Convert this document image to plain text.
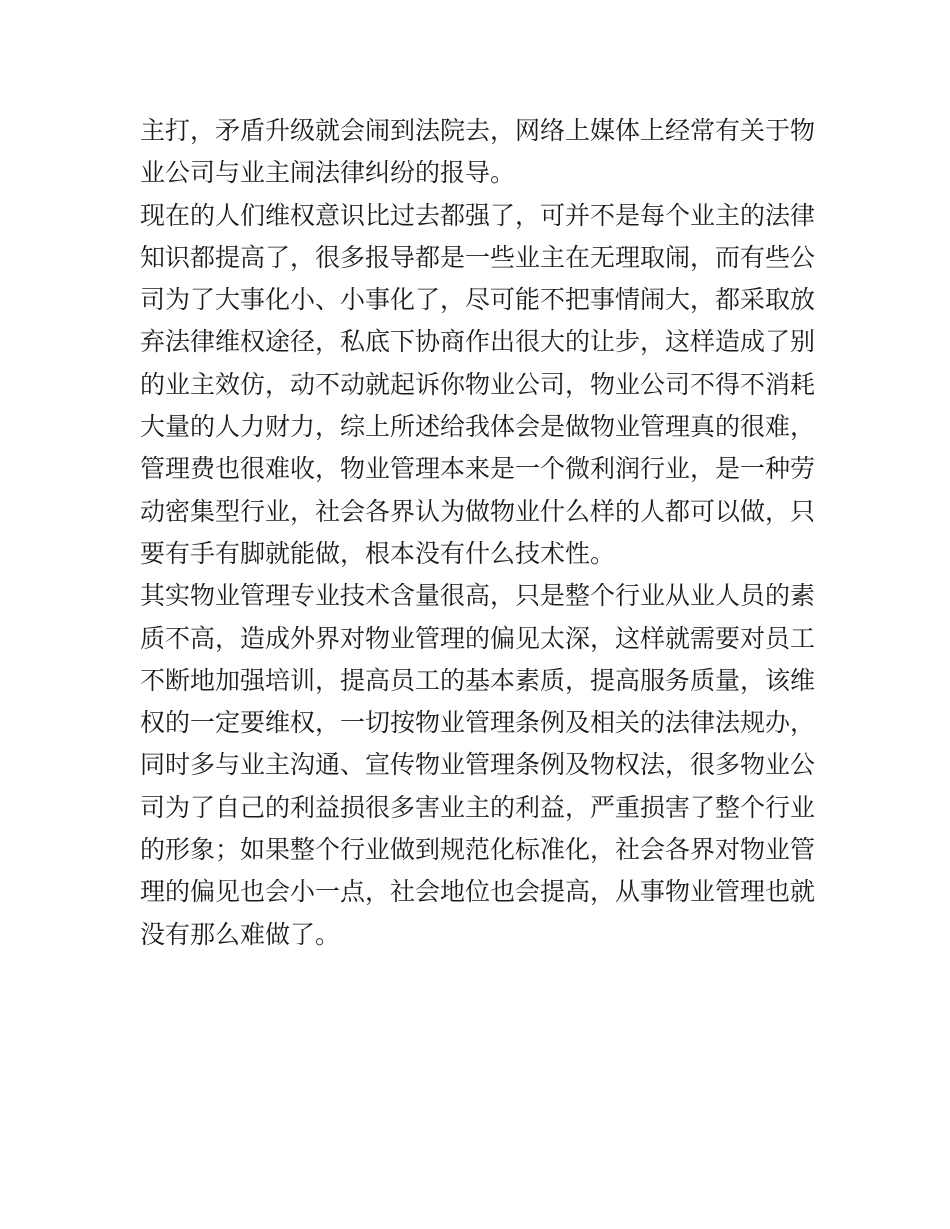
主打，矛盾升级就会闹到法院去，网络上媒体上经常有关于物
业公司与业主闹法律纠纷的报导。
现在的人们维权意识比过去都强了，可并不是每个业主的法律
知识都提高了，很多报导都是一些业主在无理取闹，而有些公
司为了大事化小、小事化了，尽可能不把事情闹大，都采取放
弃法律维权途径，私底下协商作出很大的让步，这样造成了别
的业主效仿，动不动就起诉你物业公司，物业公司不得不消耗
大量的人力财力，综上所述给我体会是做物业管理真的很难，
管理费也很难收，物业管理本来是一个微利润行业，是一种劳
动密集型行业，社会各界认为做物业什么样的人都可以做，只
要有手有脚就能做，根本没有什么技术性。
其实物业管理专业技术含量很高，只是整个行业从业人员的素
质不高，造成外界对物业管理的偏见太深，这样就需要对员工
不断地加强培训，提高员工的基本素质，提高服务质量，该维
权的一定要维权，一切按物业管理条例及相关的法律法规办，
同时多与业主沟通、宣传物业管理条例及物权法，很多物业公
司为了自己的利益损很多害业主的利益，严重损害了整个行业
的形象；如果整个行业做到规范化标准化，社会各界对物业管
理的偏见也会小一点，社会地位也会提高，从事物业管理也就
没有那么难做了。
